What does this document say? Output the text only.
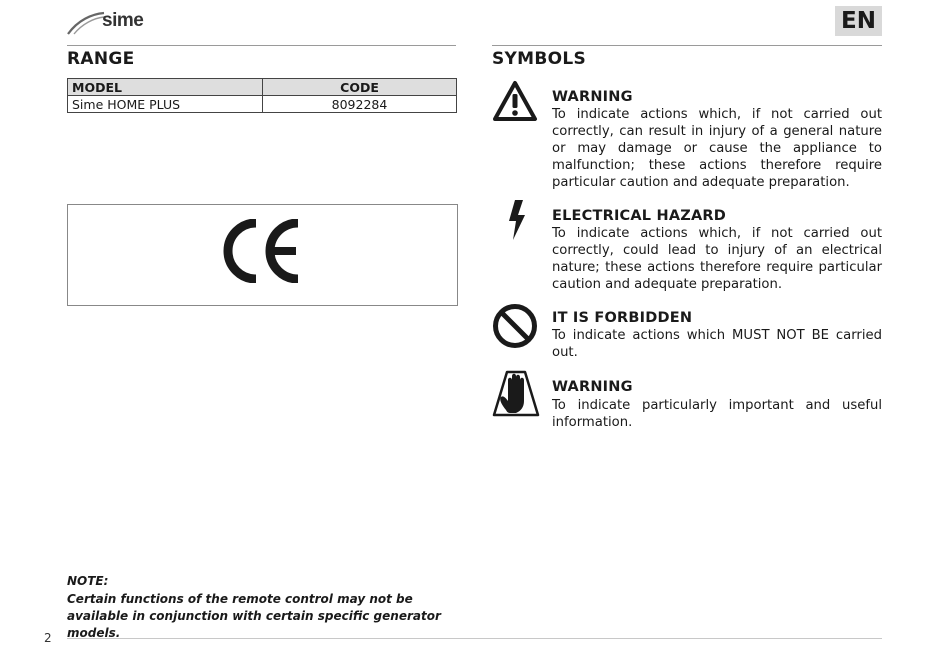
sime	EN
RANGE
MODEL	CODE
Sime HOME PLUS	8092284
SYMBOLS
WARNING
To indicate actions which, if not carried out correctly, can result in injury of a general nature or may damage or cause the appliance to malfunction; these actions therefore require particular caution and adequate preparation.
ELECTRICAL HAZARD
To indicate actions which, if not carried out correctly, could lead to injury of an electrical nature; these actions therefore require particular caution and adequate preparation.
IT IS FORBIDDEN
To indicate actions which MUST NOT BE carried out.
WARNING
To indicate particularly important and useful information.
NOTE:
Certain functions of the remote control may not be available in conjunction with certain specific generator models.
2
